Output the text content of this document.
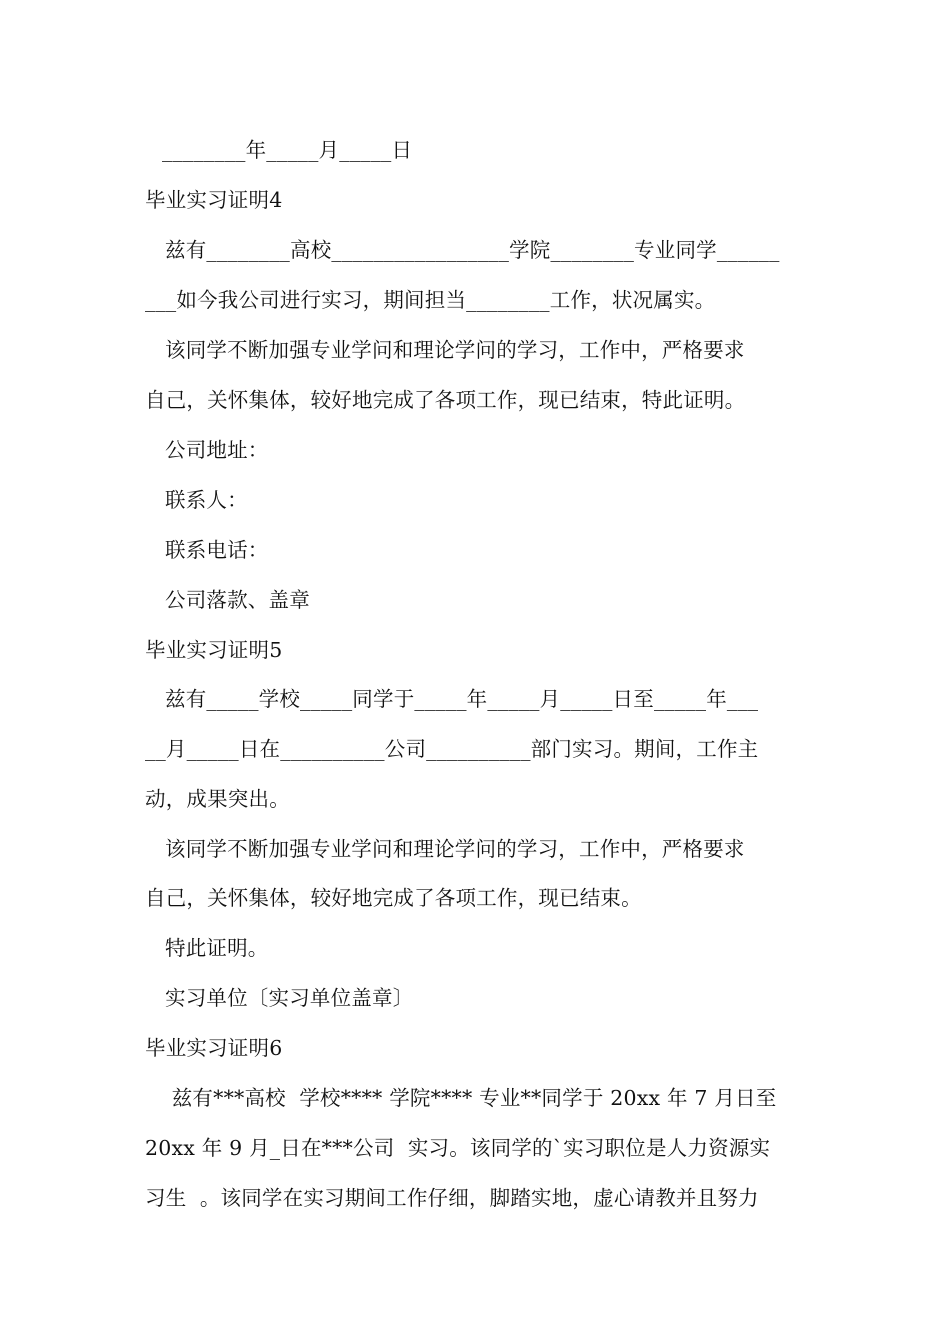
________年_____月_____日
毕业实习证明4
兹有________高校_________________学院________专业同学______
___如今我公司进行实习，期间担当________工作，状况属实。
该同学不断加强专业学问和理论学问的学习，工作中，严格要求
自己，关怀集体，较好地完成了各项工作，现已结束，特此证明。
公司地址：
联系人：
联系电话：
公司落款、盖章
毕业实习证明5
兹有_____学校_____同学于_____年_____月_____日至_____年___
__月_____日在__________公司__________部门实习。期间，工作主
动，成果突出。
该同学不断加强专业学问和理论学问的学习，工作中，严格要求
自己，关怀集体，较好地完成了各项工作，现已结束。
特此证明。
实习单位〔实习单位盖章〕
毕业实习证明6
兹有***高校  学校**** 学院**** 专业**同学于 20xx 年 7 月日至
20xx 年 9 月_日在***公司  实习。该同学的`实习职位是人力资源实
习生  。该同学在实习期间工作仔细，脚踏实地，虚心请教并且努力
